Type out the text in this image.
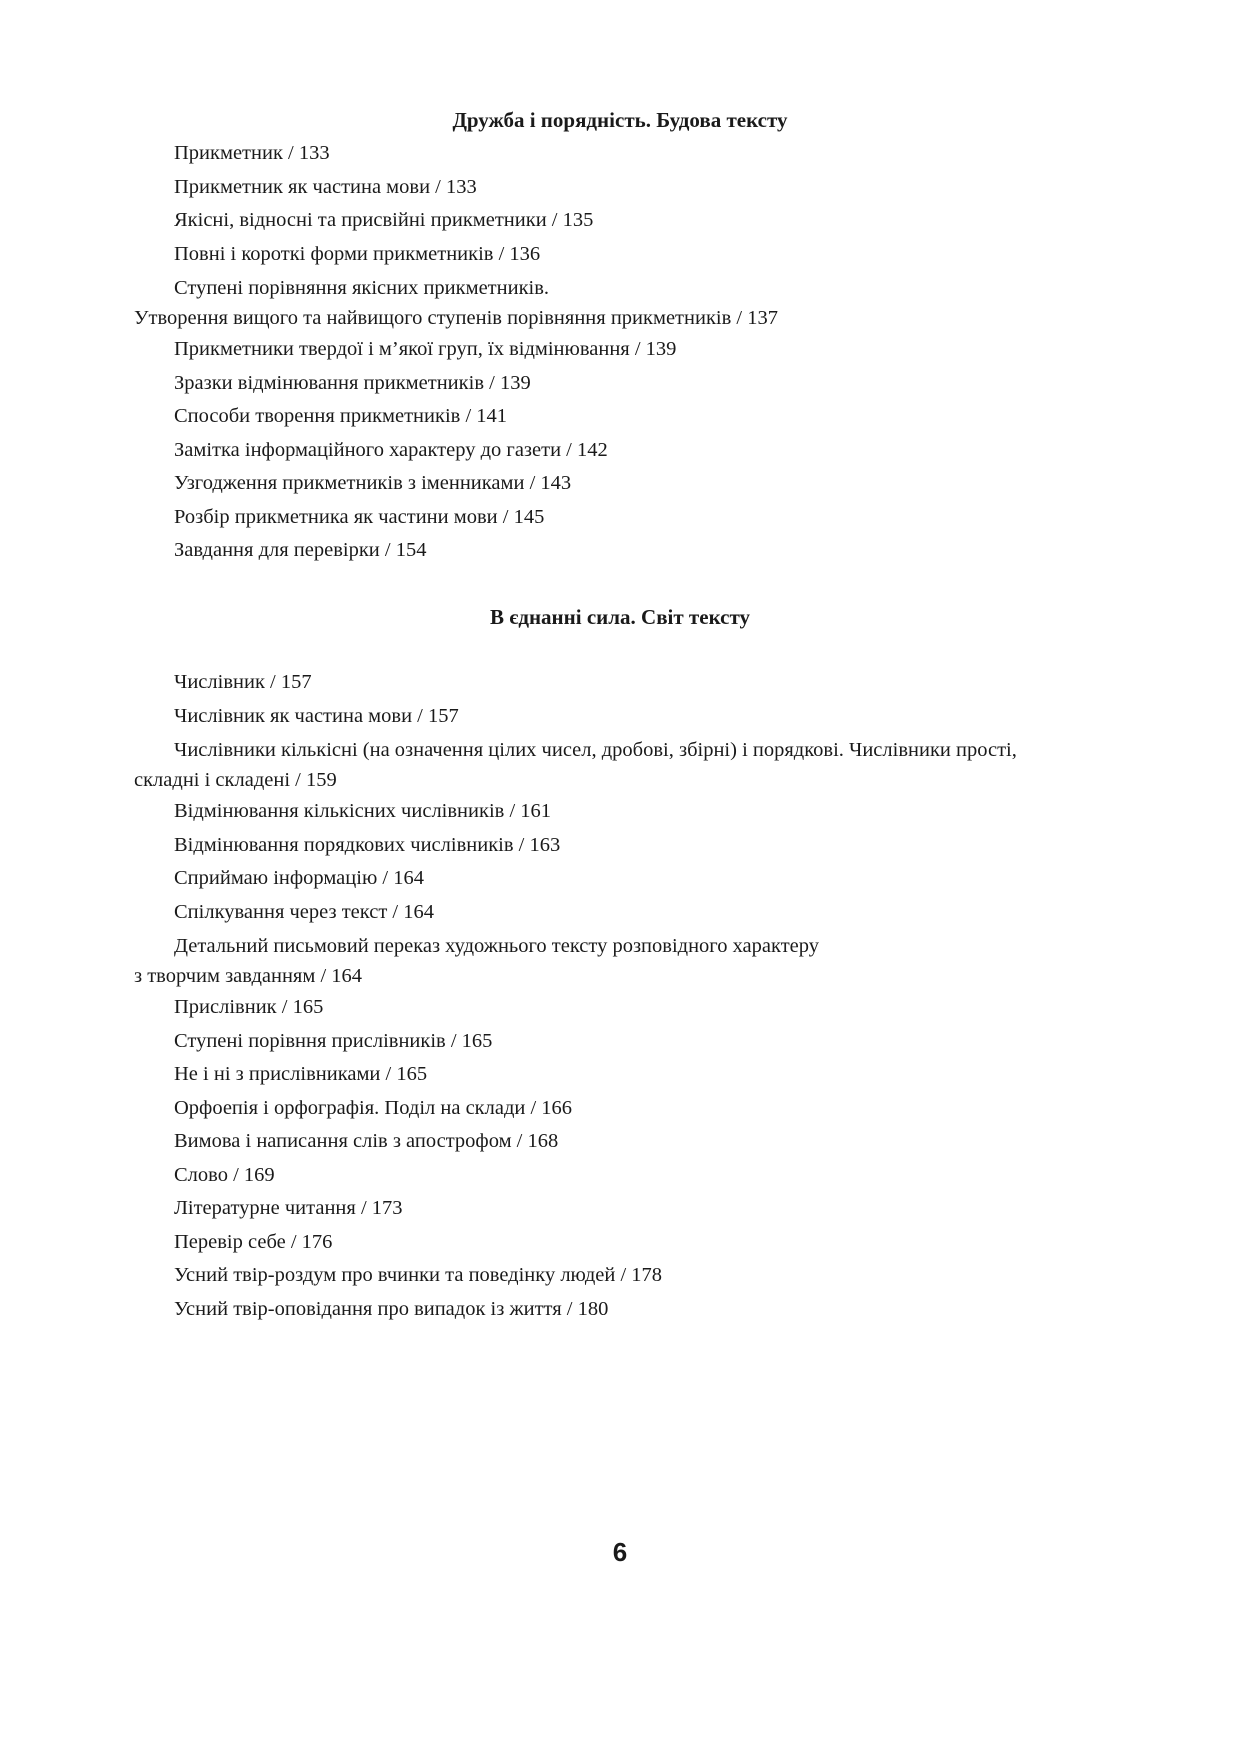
Дружба і порядність. Будова тексту
Прикметник / 133
Прикметник як частина мови / 133
Якісні, відносні та присвійні прикметники / 135
Повні і короткі форми прикметників / 136
Ступені порівняння якісних прикметників.
Утворення вищого та найвищого ступенів порівняння прикметників / 137
Прикметники твердої і м’якої груп, їх відмінювання / 139
Зразки відмінювання прикметників / 139
Способи творення прикметників / 141
Замітка інформаційного характеру до газети / 142
Узгодження прикметників з іменниками / 143
Розбір прикметника як частини мови / 145
Завдання для перевірки / 154
В єднанні сила. Світ тексту
Числівник / 157
Числівник як частина мови / 157
Числівники кількісні (на означення цілих чисел, дробові, збірні) і порядкові. Числівники прості,
складні і складені / 159
Відмінювання кількісних числівників / 161
Відмінювання порядкових числівників / 163
Сприймаю інформацію / 164
Спілкування через текст / 164
Детальний письмовий переказ художнього тексту розповідного характеру
з творчим завданням / 164
Прислівник / 165
Ступені порівння прислівників / 165
Не і ні з прислівниками / 165
Орфоепія і орфографія. Поділ на склади / 166
Вимова і написання слів з апострофом / 168
Слово / 169
Літературне читання / 173
Перевір себе / 176
Усний твір-роздум про вчинки та поведінку людей / 178
Усний твір-оповідання про випадок із життя / 180
6
